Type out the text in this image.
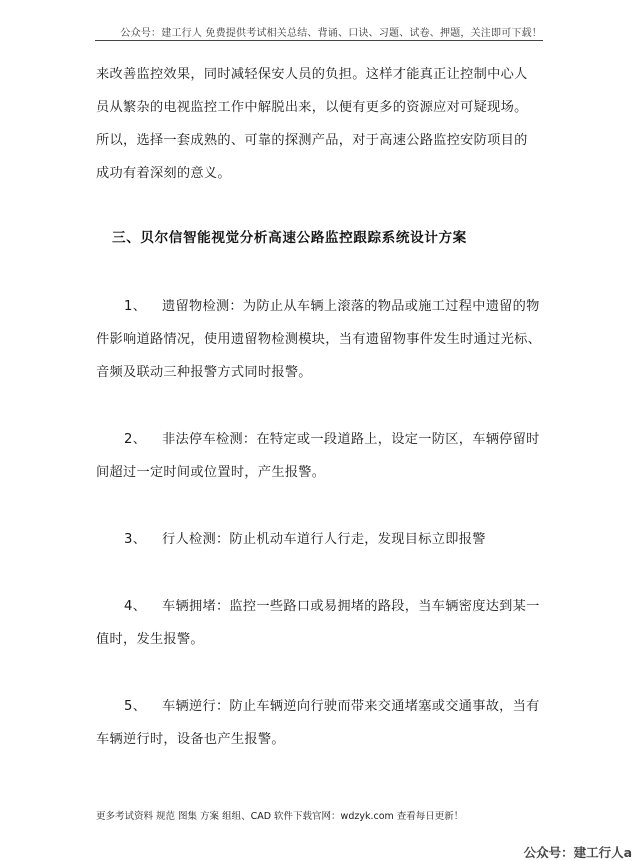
公众号：建工行人 免费提供考试相关总结、背诵、口诀、习题、试卷、押题，关注即可下载！
来改善监控效果，同时减轻保安人员的负担。这样才能真正让控制中心人
员从繁杂的电视监控工作中解脱出来，以便有更多的资源应对可疑现场。
所以，选择一套成熟的、可靠的探测产品，对于高速公路监控安防项目的
成功有着深刻的意义。
三、贝尔信智能视觉分析高速公路监控跟踪系统设计方案
1、 遗留物检测：为防止从车辆上滚落的物品或施工过程中遗留的物
件影响道路情况，使用遗留物检测模块，当有遗留物事件发生时通过光标、
音频及联动三种报警方式同时报警。
2、 非法停车检测：在特定或一段道路上，设定一防区，车辆停留时
间超过一定时间或位置时，产生报警。
3、 行人检测：防止机动车道行人行走，发现目标立即报警
4、 车辆拥堵：监控一些路口或易拥堵的路段，当车辆密度达到某一
值时，发生报警。
5、 车辆逆行：防止车辆逆向行驶而带来交通堵塞或交通事故，当有
车辆逆行时，设备也产生报警。
更多考试资料 规范 图集 方案 组组、CAD 软件下载官网：wdzyk.com 查看每日更新！
公众号：建工行人a
